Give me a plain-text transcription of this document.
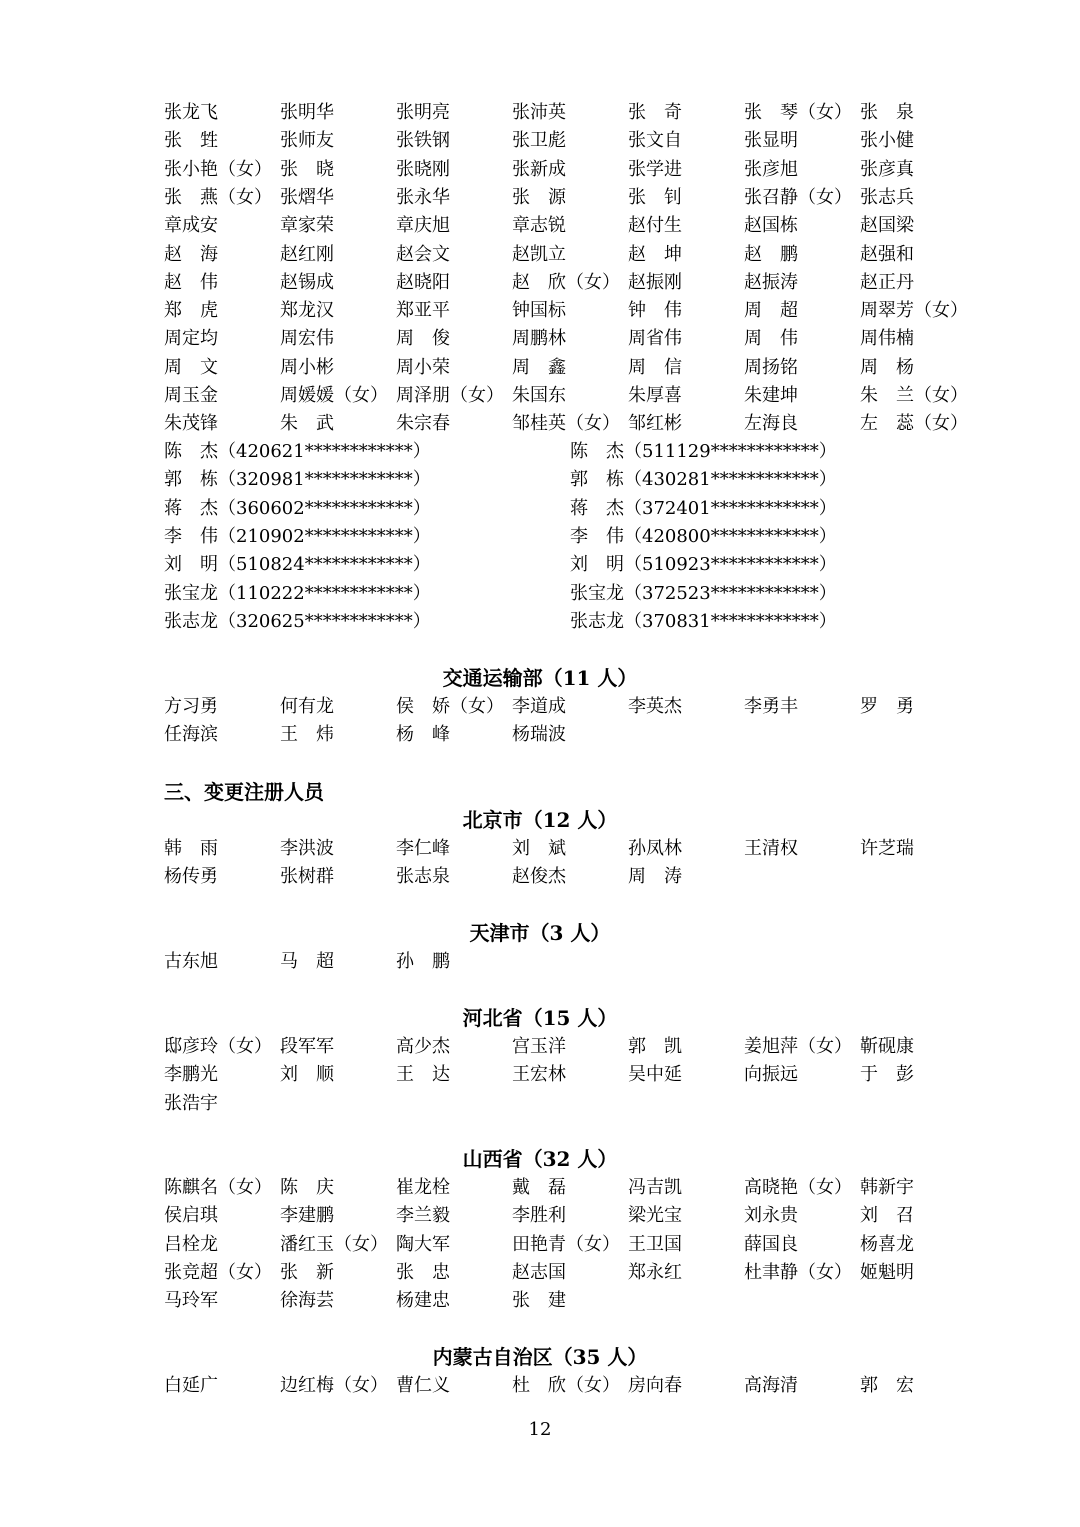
张龙飞	张明华	张明亮	张沛英	张　奇	张　琴（女） 张　泉
张　甡	张师友	张铁钢	张卫彪	张文自	张显明	张小健
张小艳（女） 张　晓	张晓刚	张新成	张学进	张彦旭	张彦真
张　燕（女） 张熠华	张永华	张　源	张　钊	张召静（女） 张志兵
章成安	章家荣	章庆旭	章志锐	赵付生	赵国栋	赵国梁
赵　海	赵红刚	赵会文	赵凯立	赵　坤	赵　鹏	赵强和
赵　伟	赵锡成	赵晓阳	赵　欣（女） 赵振刚	赵振涛	赵正丹
郑　虎	郑龙汉	郑亚平	钟国标	钟　伟	周　超	周翠芳（女）
周定均	周宏伟	周　俊	周鹏林	周省伟	周　伟	周伟楠
周　文	周小彬	周小荣	周　鑫	周　信	周扬铭	周　杨
周玉金	周媛媛（女） 周泽朋（女） 朱国东	朱厚喜	朱建坤	朱　兰（女）
朱茂锋	朱　武	朱宗春	邹桂英（女） 邹红彬	左海良	左　蕊（女）
陈　杰（420621************）	陈　杰（511129************）
郭　栋（320981************）	郭　栋（430281************）
蒋　杰（360602************）	蒋　杰（372401************）
李　伟（210902************）	李　伟（420800************）
刘　明（510824************）	刘　明（510923************）
张宝龙（110222************）	张宝龙（372523************）
张志龙（320625************）	张志龙（370831************）
交通运输部（11 人）
方习勇	何有龙	侯　娇（女） 李道成	李英杰	李勇丰	罗　勇
任海滨	王　炜	杨　峰	杨瑞波
三、变更注册人员
北京市（12 人）
韩　雨	李洪波	李仁峰	刘　斌	孙凤林	王清权	许芝瑞
杨传勇	张树群	张志泉	赵俊杰	周　涛
天津市（3 人）
古东旭	马　超	孙　鹏
河北省（15 人）
邸彦玲（女） 段军军	高少杰	宫玉洋	郭　凯	姜旭萍（女） 靳砚康
李鹏光	刘　顺	王　达	王宏林	吴中延	向振远	于　彭
张浩宇
山西省（32 人）
陈麒名（女） 陈　庆	崔龙栓	戴　磊	冯吉凯	高晓艳（女） 韩新宇
侯启琪	李建鹏	李兰毅	李胜利	梁光宝	刘永贵	刘　召
吕栓龙	潘红玉（女） 陶大军	田艳青（女） 王卫国	薛国良	杨喜龙
张竞超（女） 张　新	张　忠	赵志国	郑永红	杜聿静（女） 姬魁明
马玲军	徐海芸	杨建忠	张　建
内蒙古自治区（35 人）
白延广	边红梅（女） 曹仁义	杜　欣（女） 房向春	高海清	郭　宏
12
